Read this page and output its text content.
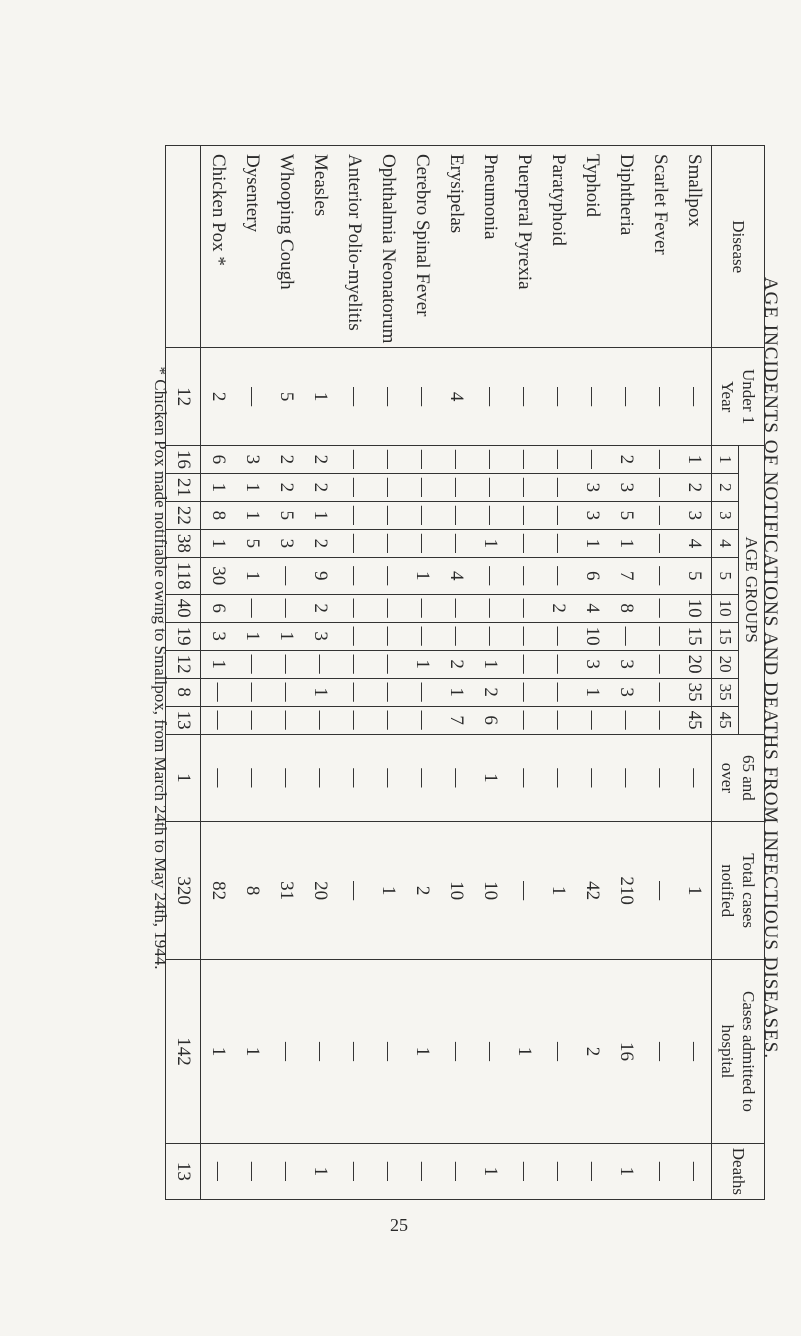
AGE INCIDENTS OF NOTIFICATIONS AND DEATHS FROM INFECTIOUS DISEASES.
Disease	Under 1 Year	AGE GROUPS										65 and over	Total cases notified	Cases admitted to hospital	Deaths
		1	2	3	4	5	10	15	20	35	45				
Smallpox	—	1	2	3	4	5	10	15	20	35	45	—	1	—	—
Scarlet Fever	—	—	—	—	—	—	—	—	—	—	—	—	—	—	—
Diphtheria	—	2	3	5	1	7	8	—	3	3	—	—	210	16	1
Typhoid	—	—	3	3	1	6	4	10	3	1	—	—	42	2	—
Paratyphoid	—	—	—	—	—	—	2	—	—	—	—	—	1	—	—
Puerperal Pyrexia	—	—	—	—	—	—	—	—	—	—	—	—	—	1	—
Pneumonia	—	—	—	—	1	—	—	—	1	2	6	1	10	—	1
Erysipelas	4	—	—	—	—	4	—	—	2	1	7	—	10	—	—
Cerebro Spinal Fever	—	—	—	—	—	1	—	—	1	—	—	—	2	1	—
Ophthalmia Neonatorum	—	—	—	—	—	—	—	—	—	—	—	—	1	—	—
Anterior Polio-myelitis	—	—	—	—	—	—	—	—	—	—	—	—	—	—	—
Measles	1	2	2	1	2	9	2	3	—	1	—	—	20	—	1
Whooping Cough	5	2	2	5	3	—	—	1	—	—	—	—	31	—	—
Dysentery	—	3	1	1	5	1	—	1	—	—	—	—	8	1	—
Chicken Pox *	2	6	1	8	1	30	6	3	1	—	—	—	82	1	—
	12	16	21	22	38	118	40	19	12	8	13	1	320	142	13
* Chicken Pox made notifiable owing to Smallpox, from March 24th to May 24th, 1944.
25
